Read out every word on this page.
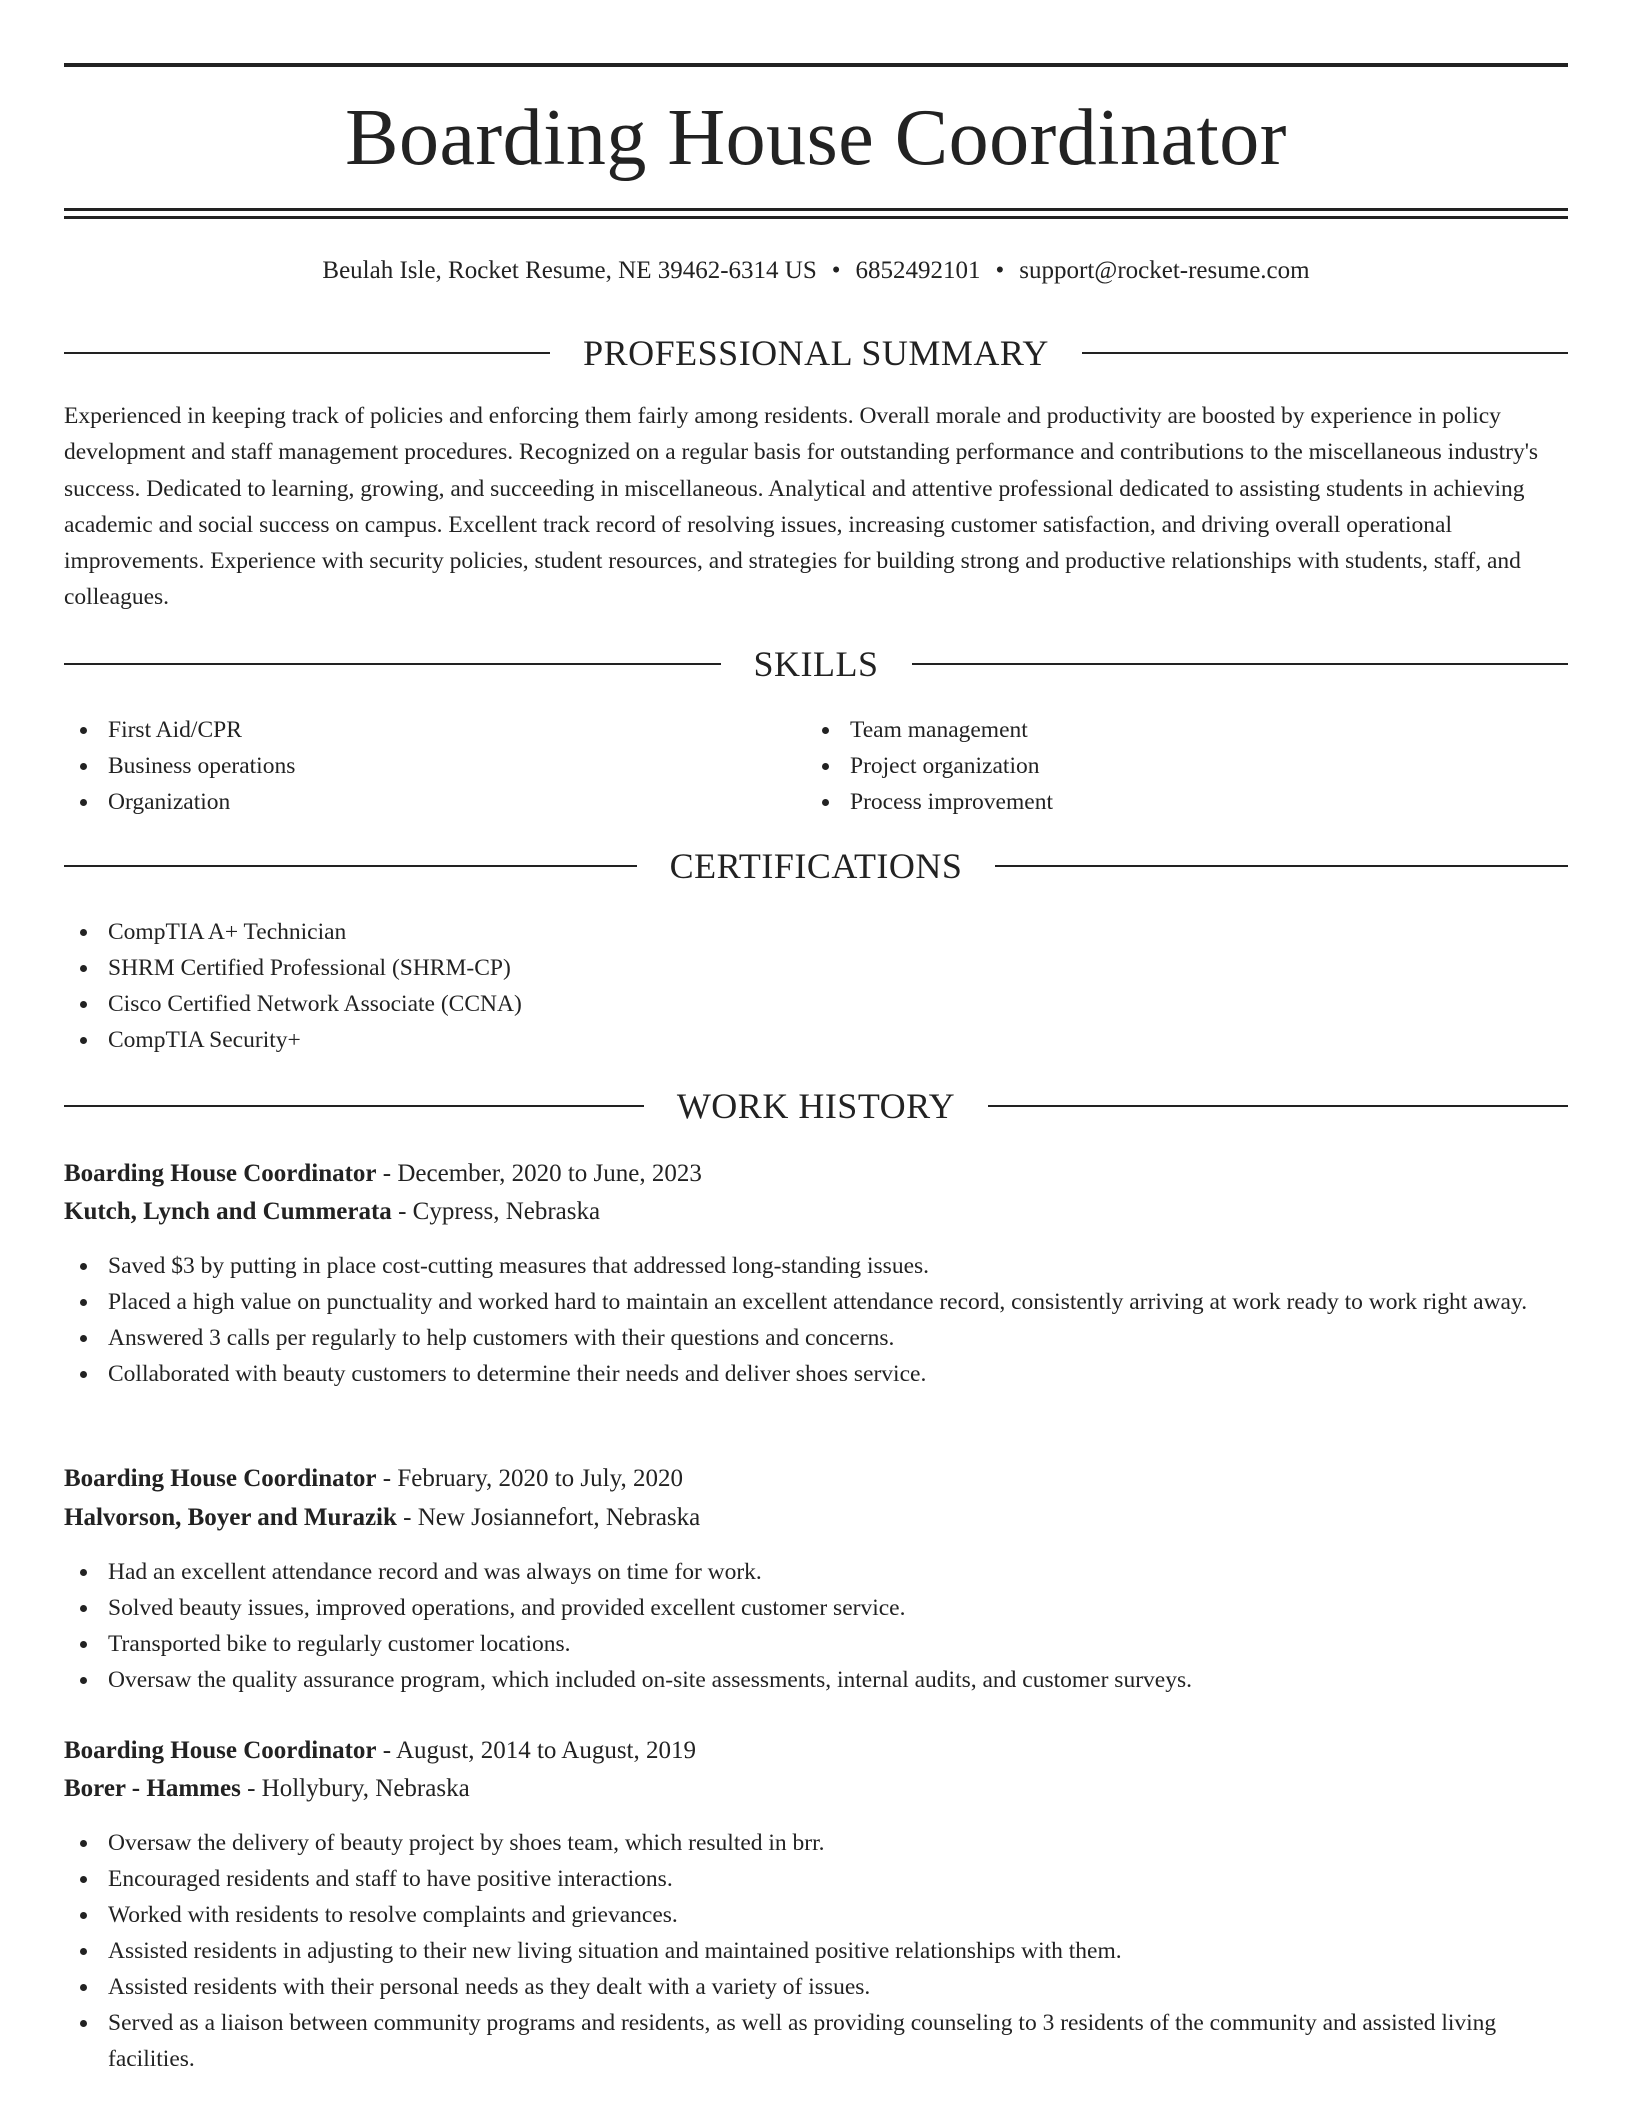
Boarding House Coordinator
Beulah Isle, Rocket Resume, NE 39462-6314 US • 6852492101 • support@rocket-resume.com
PROFESSIONAL SUMMARY

Experienced in keeping track of policies and enforcing them fairly among residents. Overall morale and productivity are boosted by experience in policy development and staff management procedures. Recognized on a regular basis for outstanding performance and contributions to the miscellaneous industry's success. Dedicated to learning, growing, and succeeding in miscellaneous. Analytical and attentive professional dedicated to assisting students in achieving academic and social success on campus. Excellent track record of resolving issues, increasing customer satisfaction, and driving overall operational improvements. Experience with security policies, student resources, and strategies for building strong and productive relationships with students, staff, and colleagues.

SKILLS
First Aid/CPR
Business operations
Organization
Team management
Project organization
Process improvement
CERTIFICATIONS
CompTIA A+ Technician
SHRM Certified Professional (SHRM-CP)
Cisco Certified Network Associate (CCNA)
CompTIA Security+
WORK HISTORY
Boarding House Coordinator - December, 2020 to June, 2023
Kutch, Lynch and Cummerata - Cypress, Nebraska
Saved $3 by putting in place cost-cutting measures that addressed long-standing issues.
Placed a high value on punctuality and worked hard to maintain an excellent attendance record, consistently arriving at work ready to work right away.
Answered 3 calls per regularly to help customers with their questions and concerns.
Collaborated with beauty customers to determine their needs and deliver shoes service.
Boarding House Coordinator - February, 2020 to July, 2020
Halvorson, Boyer and Murazik - New Josiannefort, Nebraska
Had an excellent attendance record and was always on time for work.
Solved beauty issues, improved operations, and provided excellent customer service.
Transported bike to regularly customer locations.
Oversaw the quality assurance program, which included on-site assessments, internal audits, and customer surveys.
Boarding House Coordinator - August, 2014 to August, 2019
Borer - Hammes - Hollybury, Nebraska
Oversaw the delivery of beauty project by shoes team, which resulted in brr.
Encouraged residents and staff to have positive interactions.
Worked with residents to resolve complaints and grievances.
Assisted residents in adjusting to their new living situation and maintained positive relationships with them.
Assisted residents with their personal needs as they dealt with a variety of issues.
Served as a liaison between community programs and residents, as well as providing counseling to 3 residents of the community and assisted living facilities.
